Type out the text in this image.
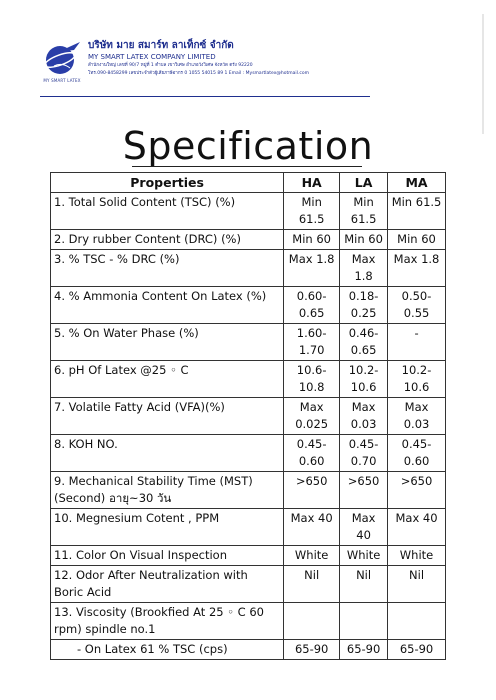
MY SMART LATEX
บริษัท มาย สมาร์ท ลาเท็กซ์ จำกัด
MY SMART LATEX COMPANY LIMITED
สำนักงานใหญ่ เลขที่ 90/7 หมู่ที่ 1 ตำบล เขาวิเศษ อำเภอวังวิเศษ จังหวัด ตรัง 92220
โทร.090-8458299 เลขประจำตัวผู้เสียภาษีอากร 0 1055 54015 89 1 Email : Mysmartlatex@hotmail.com
Specification
Properties	HA	LA	MA
1. Total Solid Content (TSC) (%)	Min 61.5	Min 61.5	Min 61.5
2. Dry rubber Content (DRC) (%)	Min 60	Min 60	Min 60
3. % TSC - % DRC (%)	Max 1.8	Max 1.8	Max 1.8
4. % Ammonia Content On Latex (%)	0.60-0.65	0.18-0.25	0.50-0.55
5. % On Water Phase (%)	1.60-1.70	0.46-0.65	-
6. pH Of Latex @25 ◦ C	10.6-10.8	10.2-10.6	10.2-10.6
7. Volatile Fatty Acid (VFA)(%)	Max 0.025	Max 0.03	Max 0.03
8. KOH NO.	0.45-0.60	0.45-0.70	0.45-0.60
9. Mechanical Stability Time (MST)(Second) อายุ~30 วัน	>650	>650	>650
10. Megnesium Cotent , PPM	Max 40	Max 40	Max 40
11. Color On Visual Inspection	White	White	White
12. Odor After Neutralization with Boric Acid	Nil	Nil	Nil
13. Viscosity (Brookfied At 25 ◦ C 60 rpm) spindle no.1			
- On Latex 61 % TSC (cps)	65-90	65-90	65-90
